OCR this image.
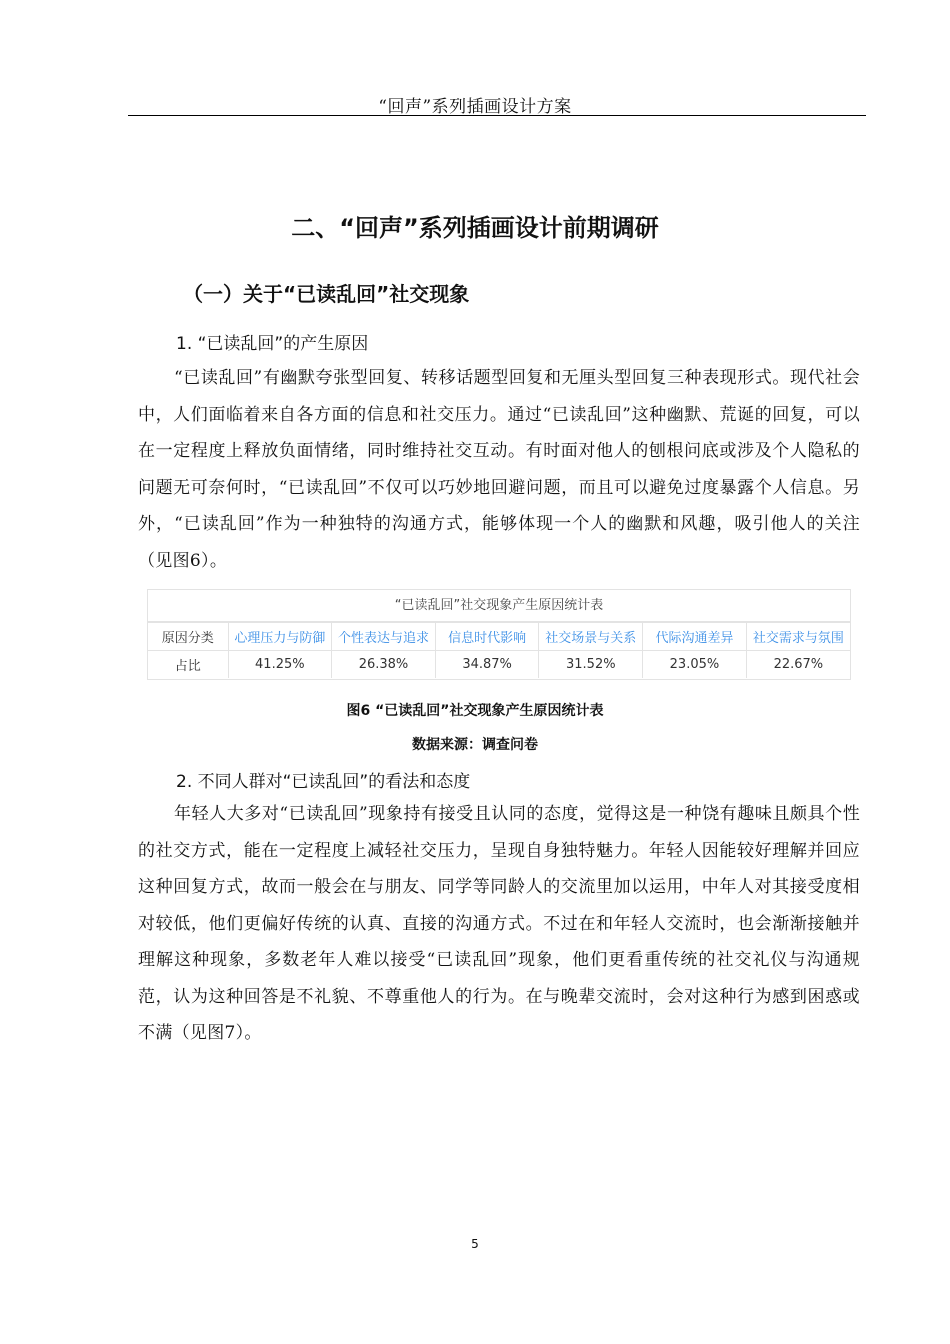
“回声”系列插画设计方案
二、“回声”系列插画设计前期调研
（一）关于“已读乱回”社交现象
1. “已读乱回”的产生原因

“已读乱回”有幽默夸张型回复、转移话题型回复和无厘头型回复三种表现形式。现代社会中，人们面临着来自各方面的信息和社交压力。通过“已读乱回”这种幽默、荒诞的回复，可以在一定程度上释放负面情绪，同时维持社交互动。有时面对他人的刨根问底或涉及个人隐私的问题无可奈何时，“已读乱回”不仅可以巧妙地回避问题，而且可以避免过度暴露个人信息。另外，“已读乱回”作为一种独特的沟通方式，能够体现一个人的幽默和风趣，吸引他人的关注（见图6）。

“已读乱回”社交现象产生原因统计表
原因分类	心理压力与防御	个性表达与追求	信息时代影响	社交场景与关系	代际沟通差异	社交需求与氛围
占比	41.25%	26.38%	34.87%	31.52%	23.05%	22.67%
图6 “已读乱回”社交现象产生原因统计表
数据来源：调查问卷
2. 不同人群对“已读乱回”的看法和态度

年轻人大多对“已读乱回”现象持有接受且认同的态度，觉得这是一种饶有趣味且颇具个性的社交方式，能在一定程度上减轻社交压力，呈现自身独特魅力。年轻人因能较好理解并回应这种回复方式，故而一般会在与朋友、同学等同龄人的交流里加以运用，中年人对其接受度相对较低，他们更偏好传统的认真、直接的沟通方式。不过在和年轻人交流时，也会渐渐接触并理解这种现象，多数老年人难以接受“已读乱回”现象，他们更看重传统的社交礼仪与沟通规范，认为这种回答是不礼貌、不尊重他人的行为。在与晚辈交流时，会对这种行为感到困惑或不满（见图7）。

5
